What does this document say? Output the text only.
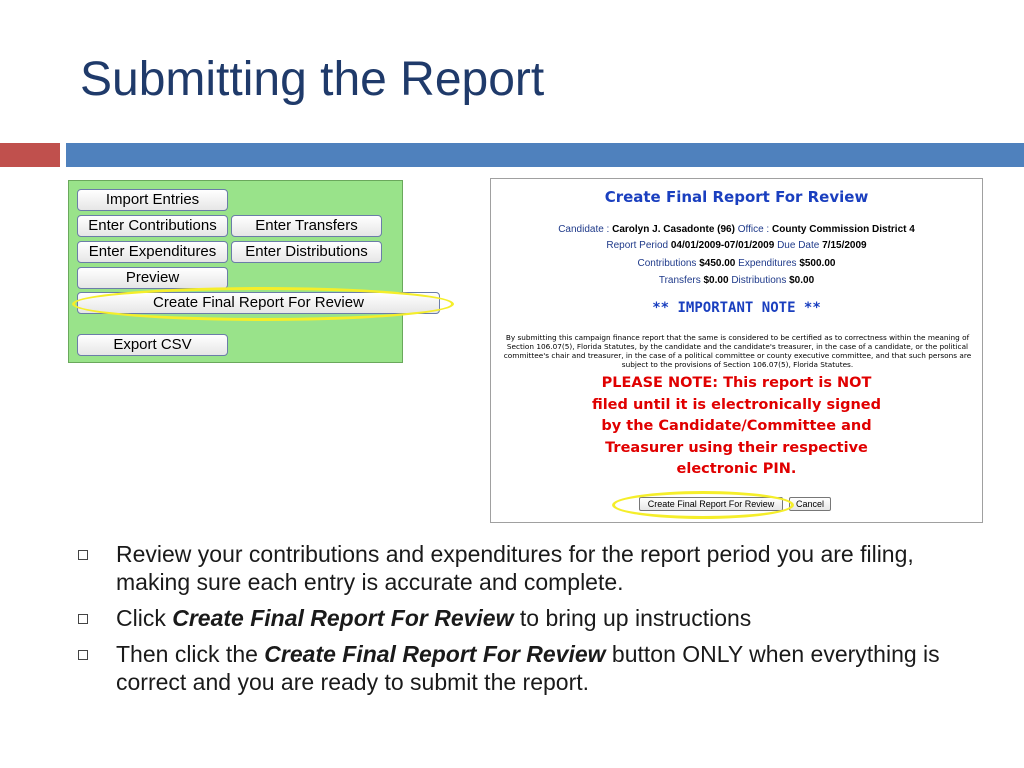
Submitting the Report
Import Entries
Enter Contributions	Enter Transfers
Enter Expenditures	Enter Distributions
Preview
Create Final Report For Review
Export CSV
Create Final Report For Review
Candidate : Carolyn J. Casadonte (96) Office : County Commission District 4
Report Period 04/01/2009-07/01/2009 Due Date 7/15/2009
Contributions $450.00 Expenditures $500.00
Transfers $0.00 Distributions $0.00
** IMPORTANT NOTE **
By submitting this campaign finance report that the same is considered to be certified as to correctness within the meaning of Section 106.07(5), Florida Statutes, by the candidate and the candidate's treasurer, in the case of a candidate, or the political committee's chair and treasurer, in the case of a political committee or county executive committee, and that such persons are subject to the provisions of Section 106.07(5), Florida Statutes.
PLEASE NOTE: This report is NOT
filed until it is electronically signed
by the Candidate/Committee and
Treasurer using their respective
electronic PIN.
Create Final Report For Review	Cancel
Review your contributions and expenditures for the report period you are filing, making sure each entry is accurate and complete.
Click Create Final Report For Review to bring up instructions
Then click the Create Final Report For Review button ONLY when everything is correct and you are ready to submit the report.
